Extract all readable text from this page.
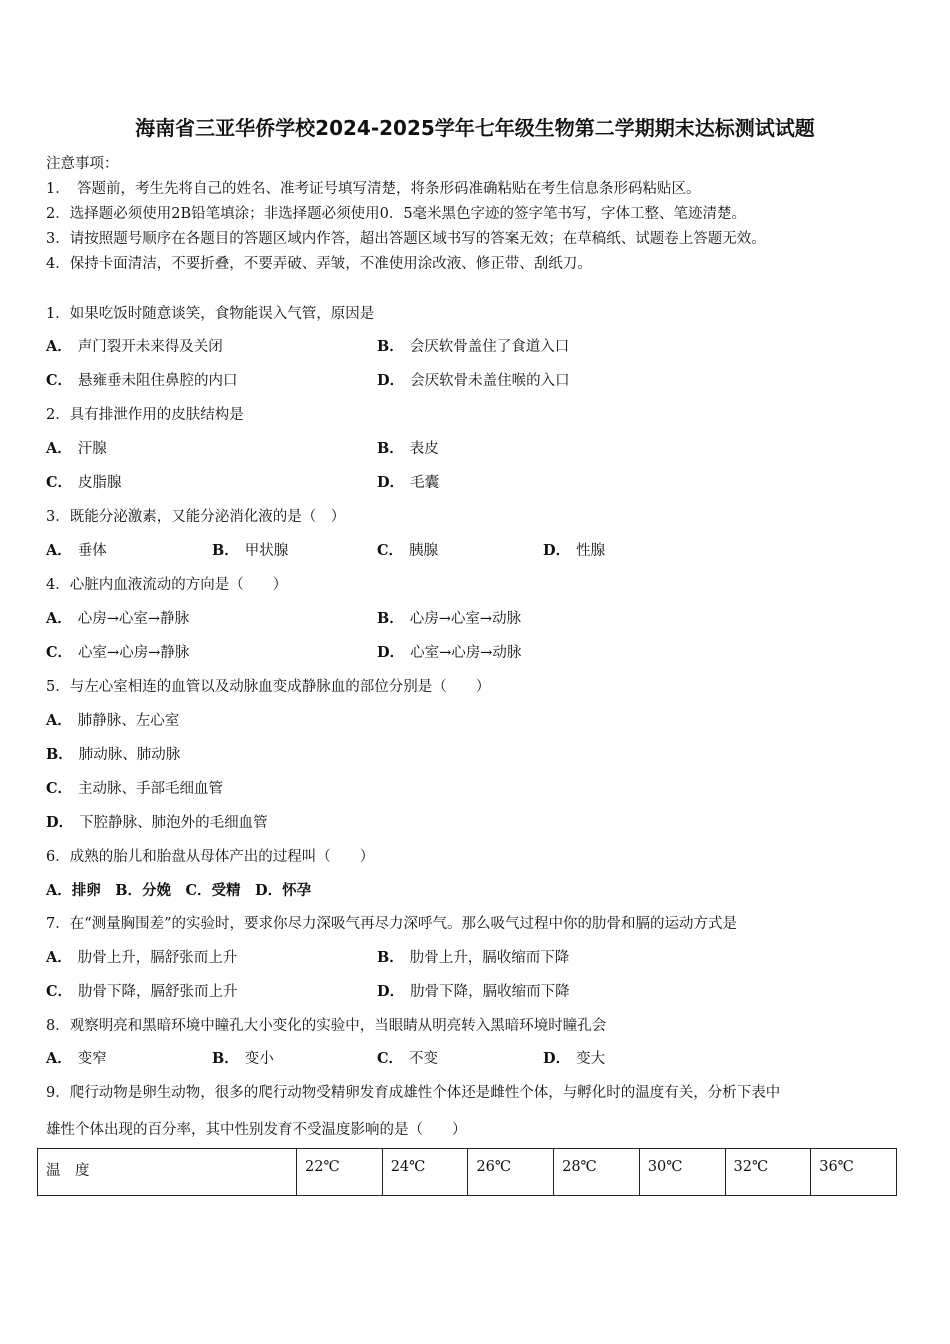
海南省三亚华侨学校2024-2025学年七年级生物第二学期期末达标测试试题
注意事项：
1．　答题前，考生先将自己的姓名、准考证号填写清楚，将条形码准确粘贴在考生信息条形码粘贴区。
2．选择题必须使用2B铅笔填涂；非选择题必须使用0．5毫米黑色字迹的签字笔书写，字体工整、笔迹清楚。
3．请按照题号顺序在各题目的答题区域内作答，超出答题区域书写的答案无效；在草稿纸、试题卷上答题无效。
4．保持卡面清洁，不要折叠，不要弄破、弄皱，不准使用涂改液、修正带、刮纸刀。
1．如果吃饭时随意谈笑，食物能误入气管，原因是
A． 声门裂开未来得及关闭	B． 会厌软骨盖住了食道入口
C． 悬雍垂未阻住鼻腔的内口	D． 会厌软骨未盖住喉的入口
2．具有排泄作用的皮肤结构是
A． 汗腺	B． 表皮
C． 皮脂腺	D． 毛囊
3．既能分泌激素，又能分泌消化液的是（　）
A． 垂体	B． 甲状腺	C． 胰腺	D． 性腺
4．心脏内血液流动的方向是（　　）
A． 心房→心室→静脉	B． 心房→心室→动脉
C． 心室→心房→静脉	D． 心室→心房→动脉
5．与左心室相连的血管以及动脉血变成静脉血的部位分别是（　　）
A． 肺静脉、左心室
B． 肺动脉、肺动脉
C． 主动脉、手部毛细血管
D． 下腔静脉、肺泡外的毛细血管
6．成熟的胎儿和胎盘从母体产出的过程叫（　　）
A．排卵　B．分娩　C．受精　D．怀孕
7．在“测量胸围差”的实验时，要求你尽力深吸气再尽力深呼气。那么吸气过程中你的肋骨和膈的运动方式是
A． 肋骨上升，膈舒张而上升	B． 肋骨上升，膈收缩而下降
C． 肋骨下降，膈舒张而上升	D． 肋骨下降，膈收缩而下降
8．观察明亮和黑暗环境中瞳孔大小变化的实验中，当眼睛从明亮转入黑暗环境时瞳孔会
A． 变窄	B． 变小	C． 不变	D． 变大
9．爬行动物是卵生动物，很多的爬行动物受精卵发育成雄性个体还是雌性个体，与孵化时的温度有关，分析下表中
雄性个体出现的百分率，其中性别发育不受温度影响的是（　　）
温　度	22℃	24℃	26℃	28℃	30℃	32℃	36℃
